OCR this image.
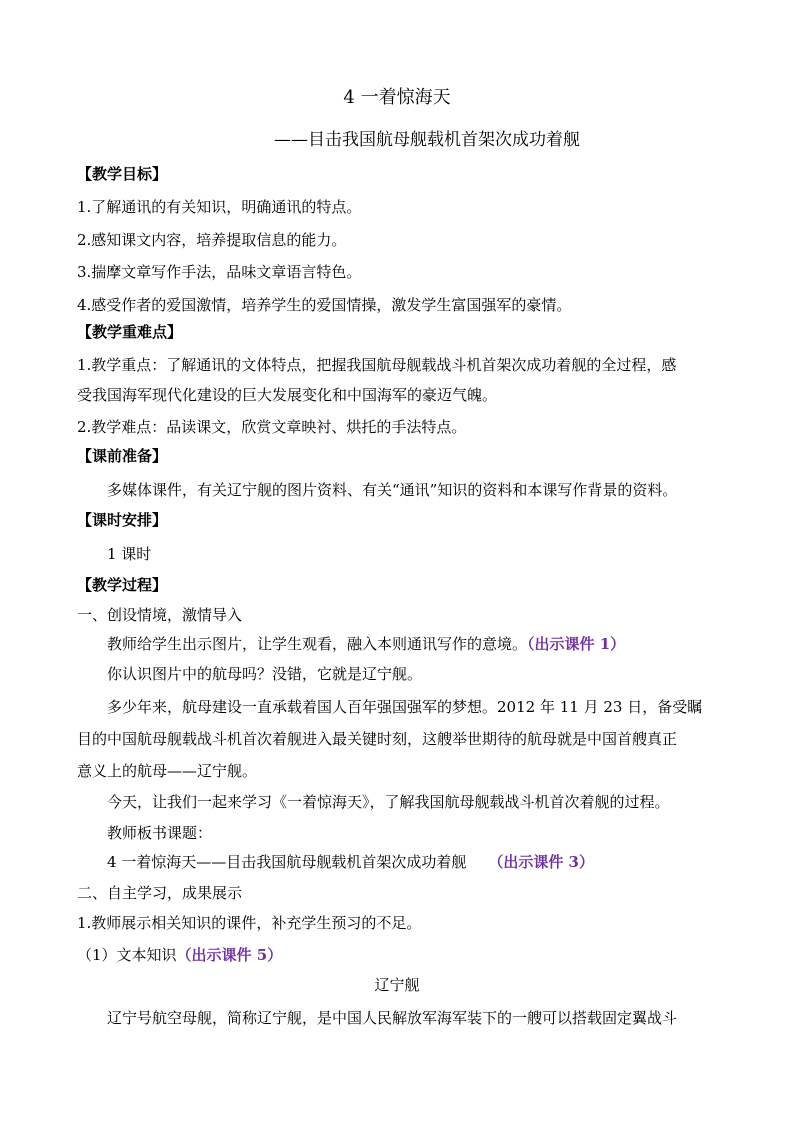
4 一着惊海天
——目击我国航母舰载机首架次成功着舰
【教学目标】
1.了解通讯的有关知识，明确通讯的特点。
2.感知课文内容，培养提取信息的能力。
3.揣摩文章写作手法，品味文章语言特色。
4.感受作者的爱国激情，培养学生的爱国情操，激发学生富国强军的豪情。
【教学重难点】
1.教学重点：了解通讯的文体特点，把握我国航母舰载战斗机首架次成功着舰的全过程，感
受我国海军现代化建设的巨大发展变化和中国海军的豪迈气魄。
2.教学难点：品读课文，欣赏文章映衬、烘托的手法特点。
【课前准备】
多媒体课件，有关辽宁舰的图片资料、有关“通讯”知识的资料和本课写作背景的资料。
【课时安排】
1 课时
【教学过程】
一、创设情境，激情导入
教师给学生出示图片，让学生观看，融入本则通讯写作的意境。（出示课件 1）
你认识图片中的航母吗？没错，它就是辽宁舰。
多少年来，航母建设一直承载着国人百年强国强军的梦想。2012 年 11 月 23 日，备受瞩
目的中国航母舰载战斗机首次着舰进入最关键时刻，这艘举世期待的航母就是中国首艘真正
意义上的航母——辽宁舰。
今天，让我们一起来学习《一着惊海天》，了解我国航母舰载战斗机首次着舰的过程。
教师板书课题：
4 一着惊海天——目击我国航母舰载机首架次成功着舰 （出示课件 3）
二、自主学习，成果展示
1.教师展示相关知识的课件，补充学生预习的不足。
（1）文本知识（出示课件 5）
辽宁舰
辽宁号航空母舰，简称辽宁舰，是中国人民解放军海军装下的一艘可以搭载固定翼战斗
